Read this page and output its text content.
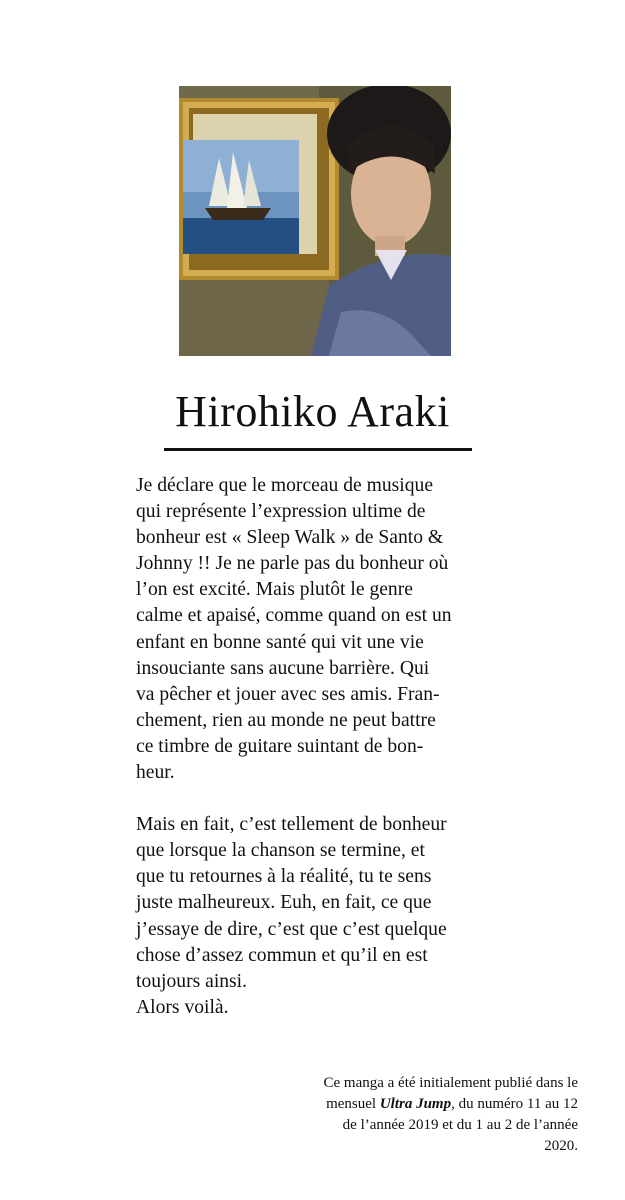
Hirohiko Araki

Je déclare que le morceau de musique
qui représente l’expression ultime de
bonheur est « Sleep Walk » de Santo &
Johnny !! Je ne parle pas du bonheur où
l’on est excité. Mais plutôt le genre
calme et apaisé, comme quand on est un
enfant en bonne santé qui vit une vie
insouciante sans aucune barrière. Qui
va pêcher et jouer avec ses amis. Fran-
chement, rien au monde ne peut battre
ce timbre de guitare suintant de bon-
heur.

Mais en fait, c’est tellement de bonheur
que lorsque la chanson se termine, et
que tu retournes à la réalité, tu te sens
juste malheureux. Euh, en fait, ce que
j’essaye de dire, c’est que c’est quelque
chose d’assez commun et qu’il en est
toujours ainsi.
Alors voilà.

Ce manga a été initialement publié dans le
mensuel Ultra Jump, du numéro 11 au 12
de l’année 2019 et du 1 au 2 de l’année
2020.
